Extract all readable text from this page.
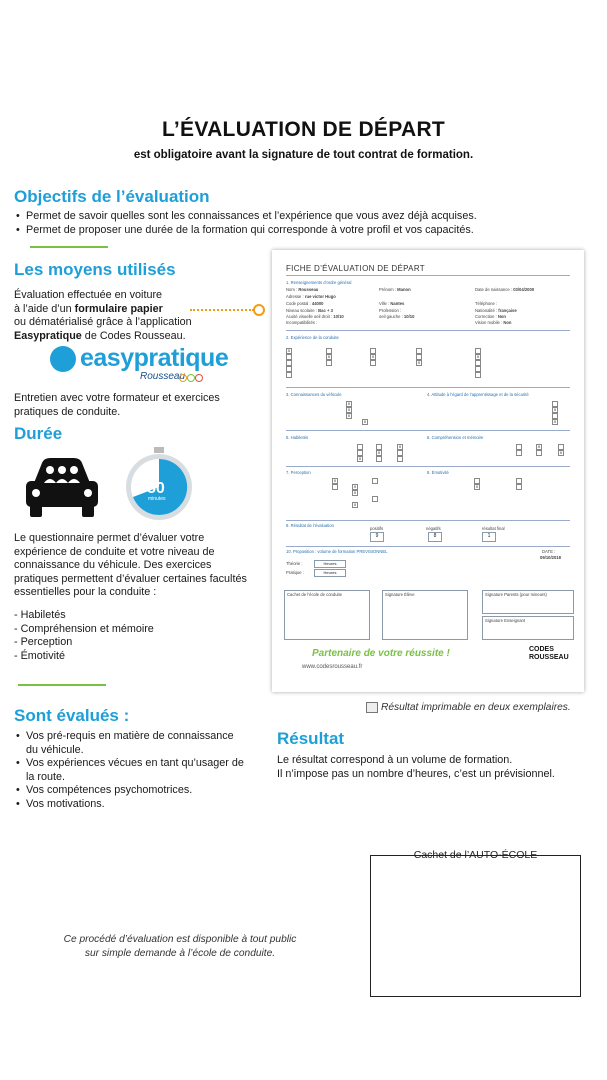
L’ÉVALUATION DE DÉPART
est obligatoire avant la signature de tout contrat de formation.
Objectifs de l’évaluation
• Permet de savoir quelles sont les connaissances et l’expérience que vous avez déjà acquises.
• Permet de proposer une durée de la formation qui corresponde à votre profil et vos capacités.
Les moyens utilisés
Évaluation effectuée en voiture
à l’aide d’un formulaire papier
ou dématérialisé grâce à l’application
Easypratique de Codes Rousseau.
easypratique
Rousseau
Entretien avec votre formateur et exercices pratiques de conduite.
Durée
50
minutes
Le questionnaire permet d’évaluer votre expérience de conduite et votre niveau de connaissance du véhicule. Des exercices pratiques permettent d’évaluer certaines facultés essentielles pour la conduite :
- Habiletés
- Compréhension et mémoire
- Perception
- Émotivité
Sont évalués :
• Vos pré-requis en matière de connaissance du véhicule.
• Vos expériences vécues en tant qu’usager de la route.
• Vos compétences psychomotrices.
• Vos motivations.
FICHE D’ÉVALUATION DE DÉPART
1. Renseignements d’ordre général
Nom : Rousseau	Prénom : Manon	Date de naissance : 03/04/2000
Adresse : rue victor Hugo
Code postal : 44000	Ville : Nantes	Téléphone :
Niveau scolaire : Bac + 3	Profession :	Nationalité : française
Acuité visuelle oeil droit : 10/10	oeil gauche : 10/10	Correction : Non
Incompatibilités :	Vision mobile : Non
2. Expérience de la conduite
X
X	X
X
X
3. Connaissances du véhicule	4. Attitude à l’égard de l’apprentissage et de la sécurité
X
X
X
X
X
X
5. Habiletés	6. Compréhension et mémoire
X
X
X
X
X
7. Perception	8. Émotivité
X
X
X
X
X
9. Résultat de l’évaluation
positifs	négatifs	résultat final
9	8	1
10. Proposition : volume de formation PREVISIONNEL	DATE :
09/10/2018
Théorie :	Heures
Pratique :	Heures
Cachet de l’école de conduite	Signature Élève	Signature Parents (pour mineurs)
Signature Enseignant
Partenaire de votre réussite !
www.codesrousseau.fr
CODES
ROUSSEAU
Résultat imprimable en deux exemplaires.
Résultat
Le résultat correspond à un volume de formation.
Il n’impose pas un nombre d’heures, c’est un prévisionnel.
Cachet de l’AUTO-ÉCOLE
Ce procédé d’évaluation est disponible à tout public
sur simple demande à l’école de conduite.
